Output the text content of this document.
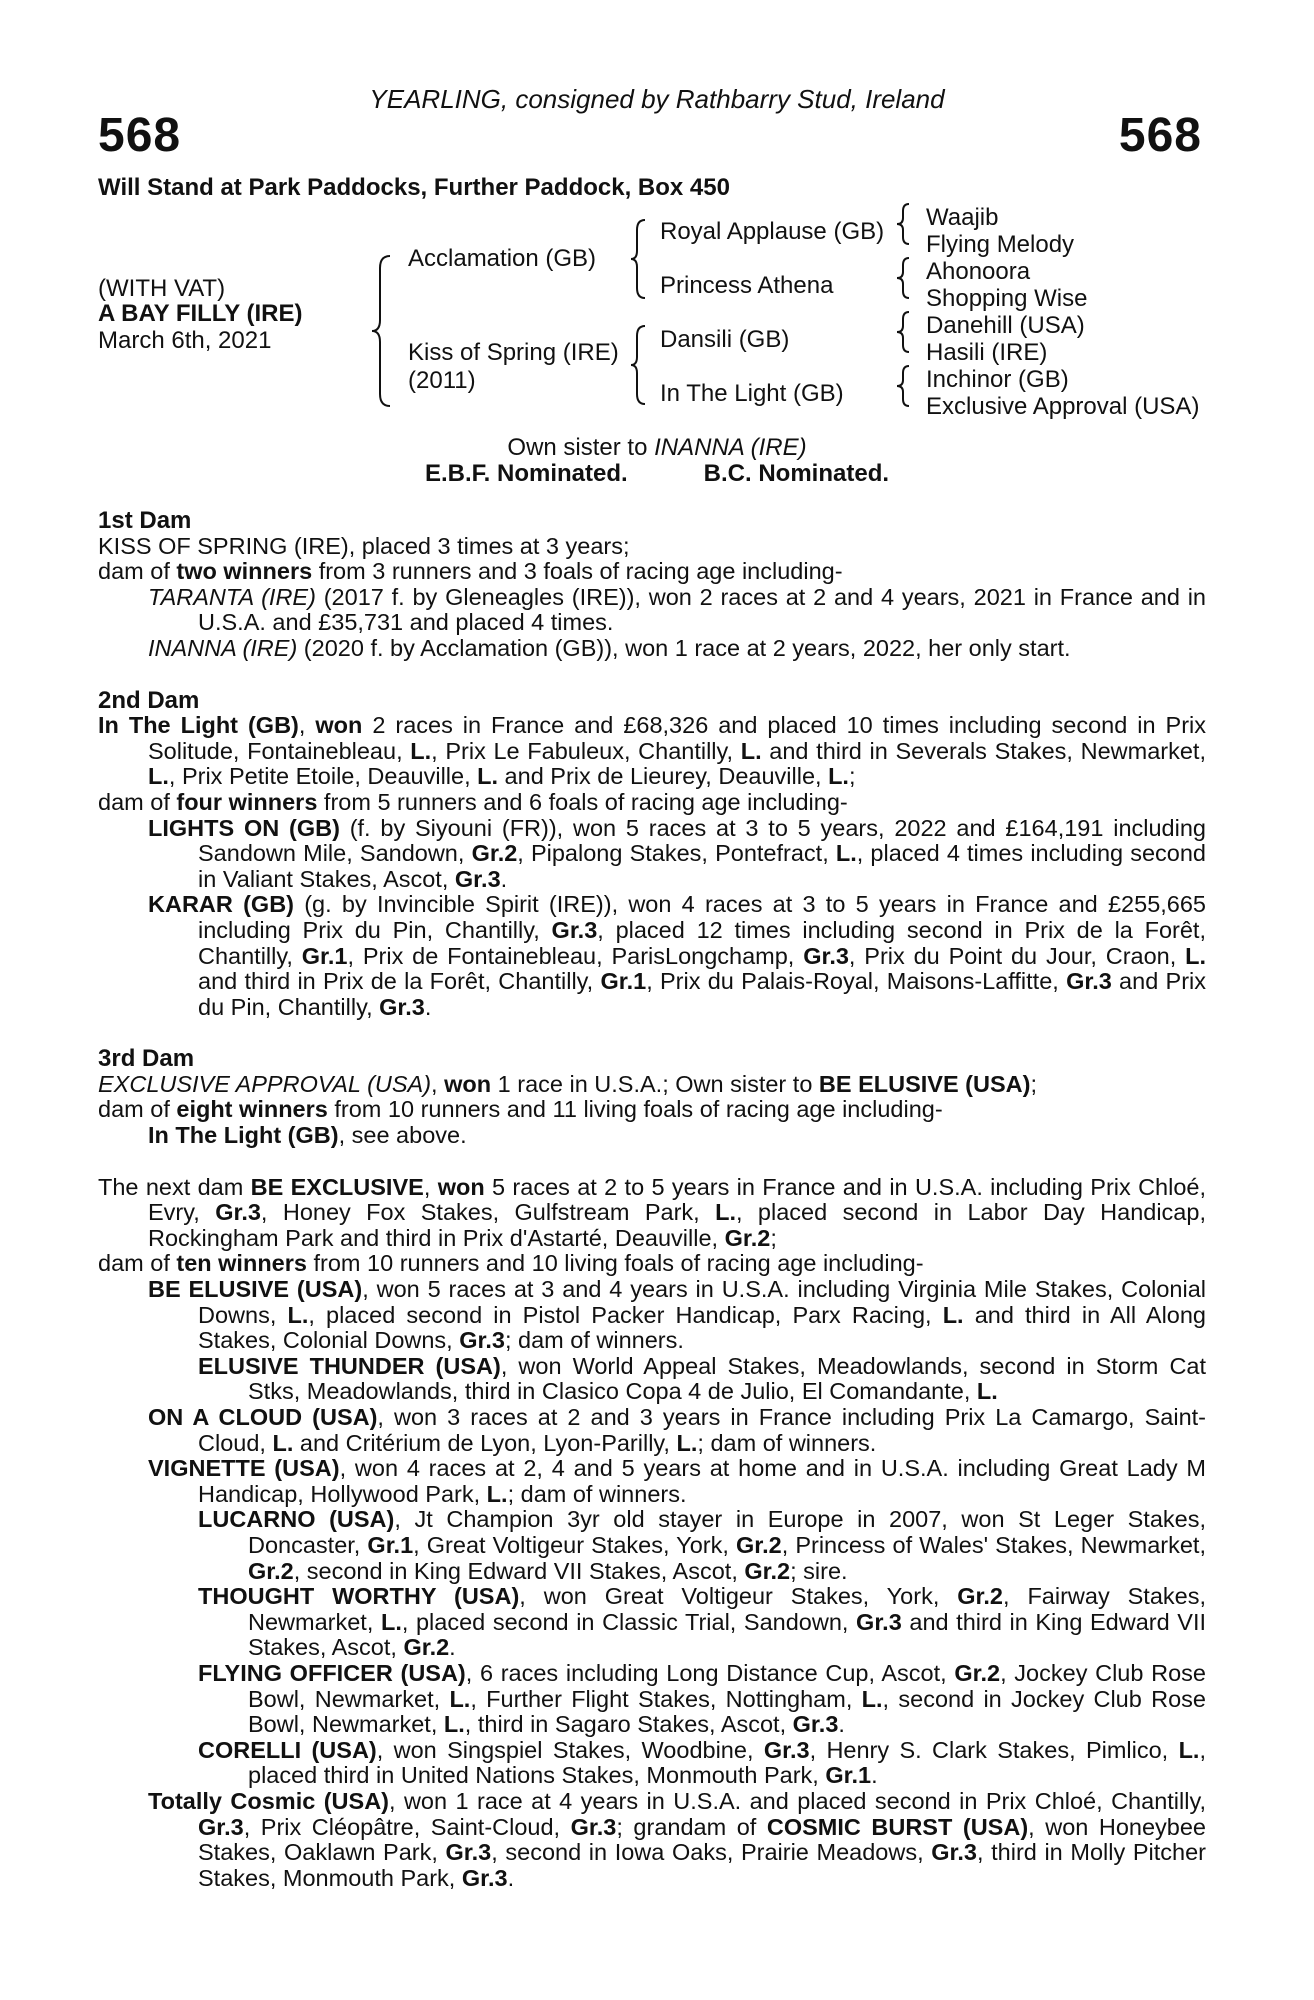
YEARLING, consigned by Rathbarry Stud, Ireland
568	568
Will Stand at Park Paddocks, Further Paddock, Box 450
(WITH VAT)
A BAY FILLY (IRE)
March 6th, 2021
Acclamation (GB)
Kiss of Spring (IRE)
(2011)
Royal Applause (GB)
Princess Athena
Dansili (GB)
In The Light (GB)
Waajib
Flying Melody
Ahonoora
Shopping Wise
Danehill (USA)
Hasili (IRE)
Inchinor (GB)
Exclusive Approval (USA)
Own sister to INANNA (IRE)
E.B.F. Nominated.	B.C. Nominated.
1st Dam

KISS OF SPRING (IRE), placed 3 times at 3 years;

dam of two winners from 3 runners and 3 foals of racing age including-

TARANTA (IRE) (2017 f. by Gleneagles (IRE)), won 2 races at 2 and 4 years, 2021 in France and in U.S.A. and £35,731 and placed 4 times.

INANNA (IRE) (2020 f. by Acclamation (GB)), won 1 race at 2 years, 2022, her only start.

2nd Dam

In The Light (GB), won 2 races in France and £68,326 and placed 10 times including second in Prix Solitude, Fontainebleau, L., Prix Le Fabuleux, Chantilly, L. and third in Severals Stakes, Newmarket, L., Prix Petite Etoile, Deauville, L. and Prix de Lieurey, Deauville, L.;

dam of four winners from 5 runners and 6 foals of racing age including-

LIGHTS ON (GB) (f. by Siyouni (FR)), won 5 races at 3 to 5 years, 2022 and £164,191 including Sandown Mile, Sandown, Gr.2, Pipalong Stakes, Pontefract, L., placed 4 times including second in Valiant Stakes, Ascot, Gr.3.

KARAR (GB) (g. by Invincible Spirit (IRE)), won 4 races at 3 to 5 years in France and £255,665 including Prix du Pin, Chantilly, Gr.3, placed 12 times including second in Prix de la Forêt, Chantilly, Gr.1, Prix de Fontainebleau, ParisLongchamp, Gr.3, Prix du Point du Jour, Craon, L. and third in Prix de la Forêt, Chantilly, Gr.1, Prix du Palais-Royal, Maisons-Laffitte, Gr.3 and Prix du Pin, Chantilly, Gr.3.

3rd Dam

EXCLUSIVE APPROVAL (USA), won 1 race in U.S.A.; Own sister to BE ELUSIVE (USA);

dam of eight winners from 10 runners and 11 living foals of racing age including-

In The Light (GB), see above.

The next dam BE EXCLUSIVE, won 5 races at 2 to 5 years in France and in U.S.A. including Prix Chloé, Evry, Gr.3, Honey Fox Stakes, Gulfstream Park, L., placed second in Labor Day Handicap, Rockingham Park and third in Prix d'Astarté, Deauville, Gr.2;

dam of ten winners from 10 runners and 10 living foals of racing age including-

BE ELUSIVE (USA), won 5 races at 3 and 4 years in U.S.A. including Virginia Mile Stakes, Colonial Downs, L., placed second in Pistol Packer Handicap, Parx Racing, L. and third in All Along Stakes, Colonial Downs, Gr.3; dam of winners.

ELUSIVE THUNDER (USA), won World Appeal Stakes, Meadowlands, second in Storm Cat Stks, Meadowlands, third in Clasico Copa 4 de Julio, El Comandante, L.

ON A CLOUD (USA), won 3 races at 2 and 3 years in France including Prix La Camargo, Saint-Cloud, L. and Critérium de Lyon, Lyon-Parilly, L.; dam of winners.

VIGNETTE (USA), won 4 races at 2, 4 and 5 years at home and in U.S.A. including Great Lady M Handicap, Hollywood Park, L.; dam of winners.

LUCARNO (USA), Jt Champion 3yr old stayer in Europe in 2007, won St Leger Stakes, Doncaster, Gr.1, Great Voltigeur Stakes, York, Gr.2, Princess of Wales' Stakes, Newmarket, Gr.2, second in King Edward VII Stakes, Ascot, Gr.2; sire.

THOUGHT WORTHY (USA), won Great Voltigeur Stakes, York, Gr.2, Fairway Stakes, Newmarket, L., placed second in Classic Trial, Sandown, Gr.3 and third in King Edward VII Stakes, Ascot, Gr.2.

FLYING OFFICER (USA), 6 races including Long Distance Cup, Ascot, Gr.2, Jockey Club Rose Bowl, Newmarket, L., Further Flight Stakes, Nottingham, L., second in Jockey Club Rose Bowl, Newmarket, L., third in Sagaro Stakes, Ascot, Gr.3.

CORELLI (USA), won Singspiel Stakes, Woodbine, Gr.3, Henry S. Clark Stakes, Pimlico, L., placed third in United Nations Stakes, Monmouth Park, Gr.1.

Totally Cosmic (USA), won 1 race at 4 years in U.S.A. and placed second in Prix Chloé, Chantilly, Gr.3, Prix Cléopâtre, Saint-Cloud, Gr.3; grandam of COSMIC BURST (USA), won Honeybee Stakes, Oaklawn Park, Gr.3, second in Iowa Oaks, Prairie Meadows, Gr.3, third in Molly Pitcher Stakes, Monmouth Park, Gr.3.
